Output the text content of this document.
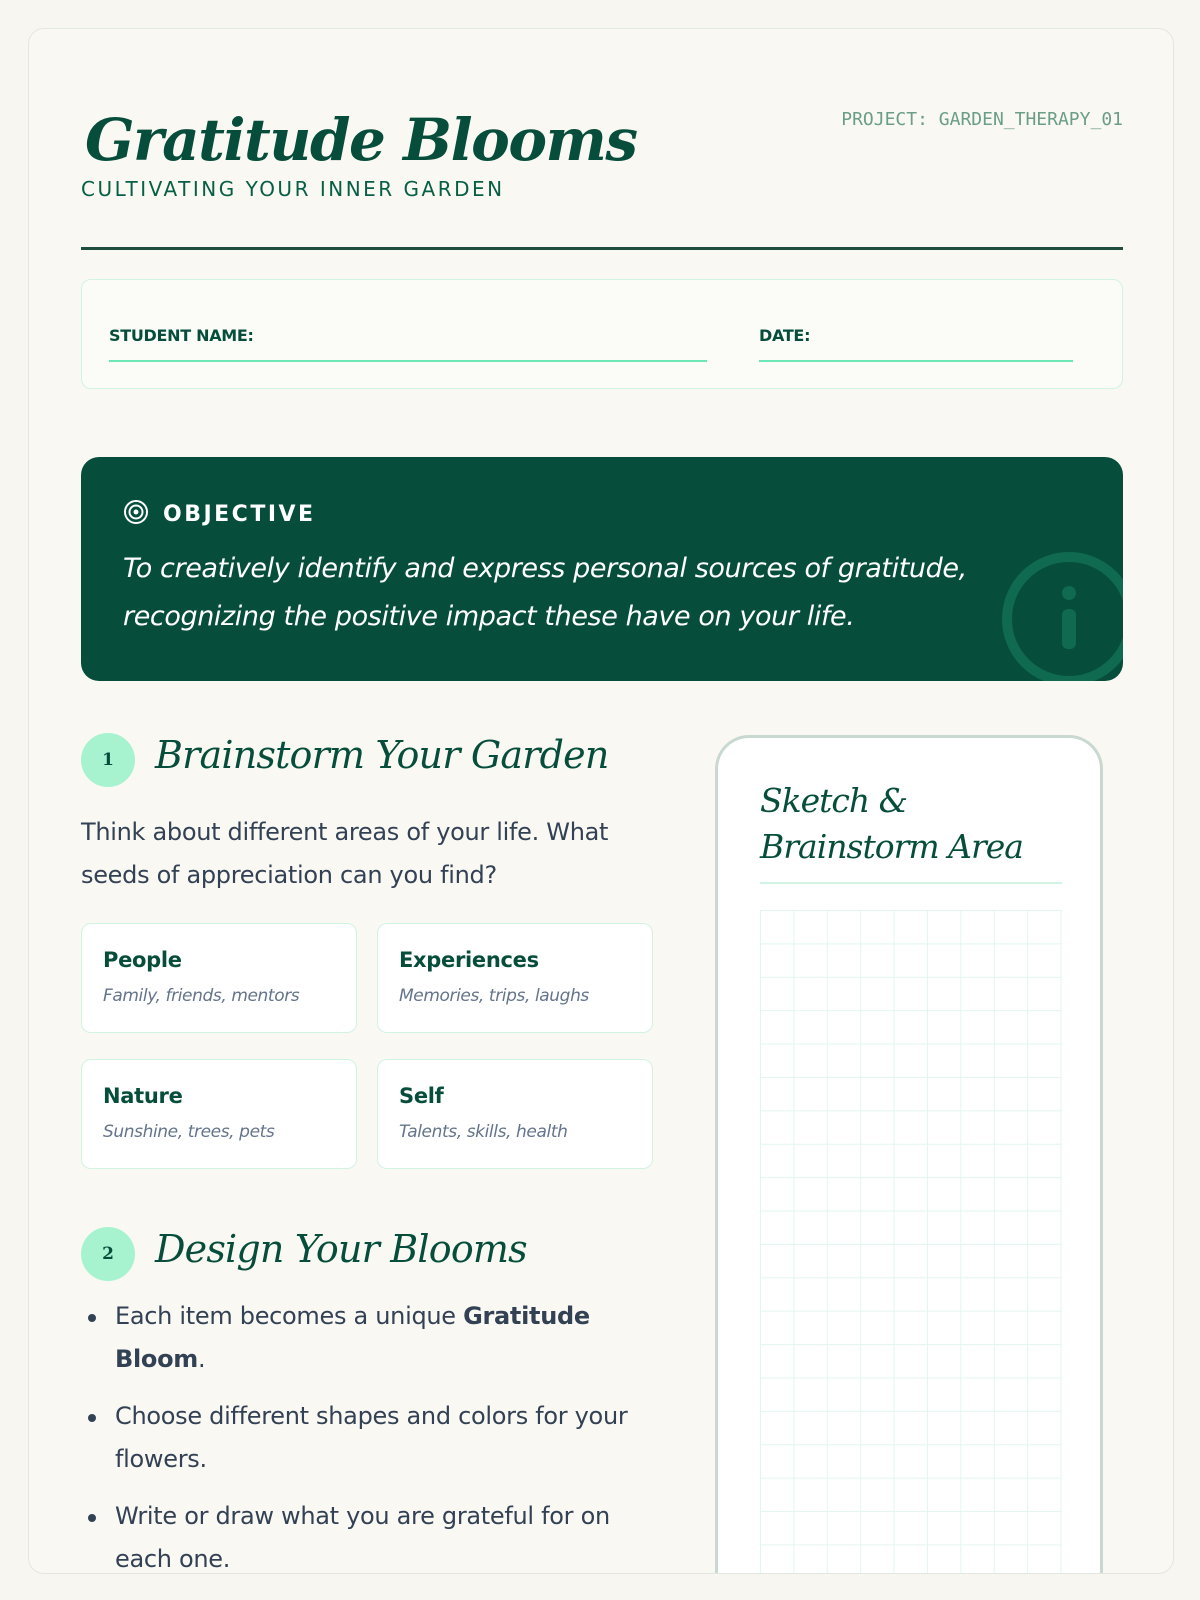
Gratitude Blooms
CULTIVATING YOUR INNER GARDEN
PROJECT: GARDEN_THERAPY_01
STUDENT NAME:	DATE:
OBJECTIVE
To creatively identify and express personal sources of gratitude, recognizing the positive impact these have on your life.
1	Brainstorm Your Garden
Think about different areas of your life. What seeds of appreciation can you find?
People
Family, friends, mentors
Experiences
Memories, trips, laughs
Nature
Sunshine, trees, pets
Self
Talents, skills, health
2	Design Your Blooms
Each item becomes a unique Gratitude Bloom.
Choose different shapes and colors for your flowers.
Write or draw what you are grateful for on each one.
Sketch & Brainstorm Area
